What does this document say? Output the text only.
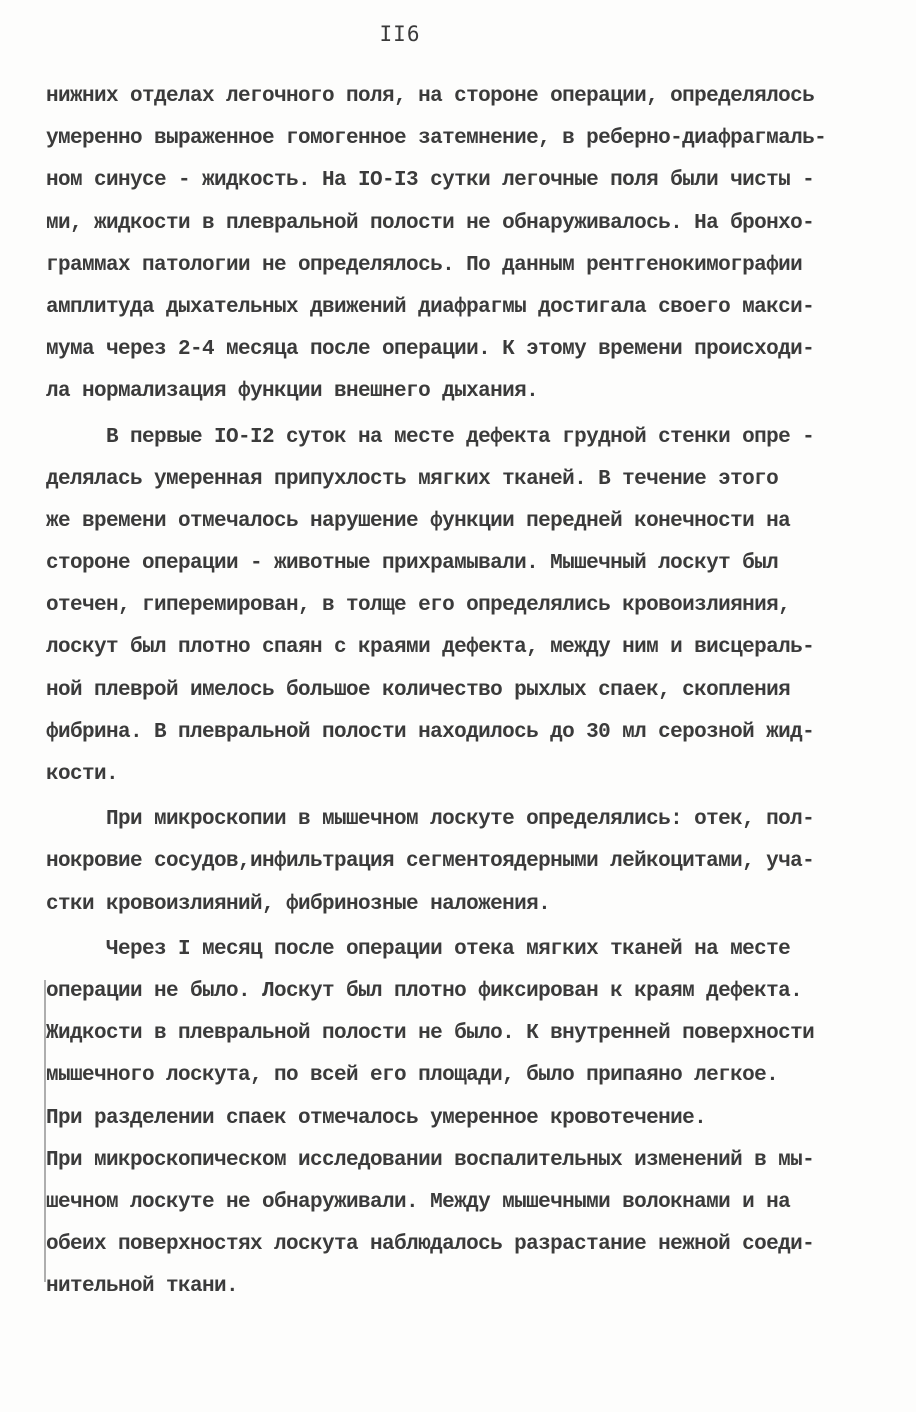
II6
нижних отделах легочного поля, на стороне операции, определялось
умеренно выраженное гомогенное затемнение, в реберно-диафрагмаль-
ном синусе - жидкость. На IO-I3 сутки легочные поля были чисты -
ми, жидкости в плевральной полости не обнаруживалось. На бронхо-
граммах патологии не определялось. По данным рентгенокимографии
амплитуда дыхательных движений диафрагмы достигала своего макси-
мума через 2-4 месяца после операции. К этому времени происходи-
ла нормализация функции внешнего дыхания.
В первые IO-I2 суток на месте дефекта грудной стенки опре -
делялась умеренная припухлость мягких тканей. В течение этого
же времени отмечалось нарушение функции передней конечности на
стороне операции - животные прихрамывали. Мышечный лоскут был
отечен, гиперемирован, в толще его определялись кровоизлияния,
лоскут был плотно спаян с краями дефекта, между ним и висцераль-
ной плеврой имелось большое количество рыхлых спаек, скопления
фибрина. В плевральной полости находилось до 30 мл серозной жид-
кости.
При микроскопии в мышечном лоскуте определялись: отек, пол-
нокровие сосудов,инфильтрация сегментоядерными лейкоцитами, уча-
стки кровоизлияний, фибринозные наложения.
Через I месяц после операции отека мягких тканей на месте
операции не было. Лоскут был плотно фиксирован к краям дефекта.
Жидкости в плевральной полости не было. К внутренней поверхности
мышечного лоскута, по всей его площади, было припаяно легкое.
При разделении спаек отмечалось умеренное кровотечение.
При микроскопическом исследовании воспалительных изменений в мы-
шечном лоскуте не обнаруживали. Между мышечными волокнами и на
обеих поверхностях лоскута наблюдалось разрастание нежной соеди-
нительной ткани.
